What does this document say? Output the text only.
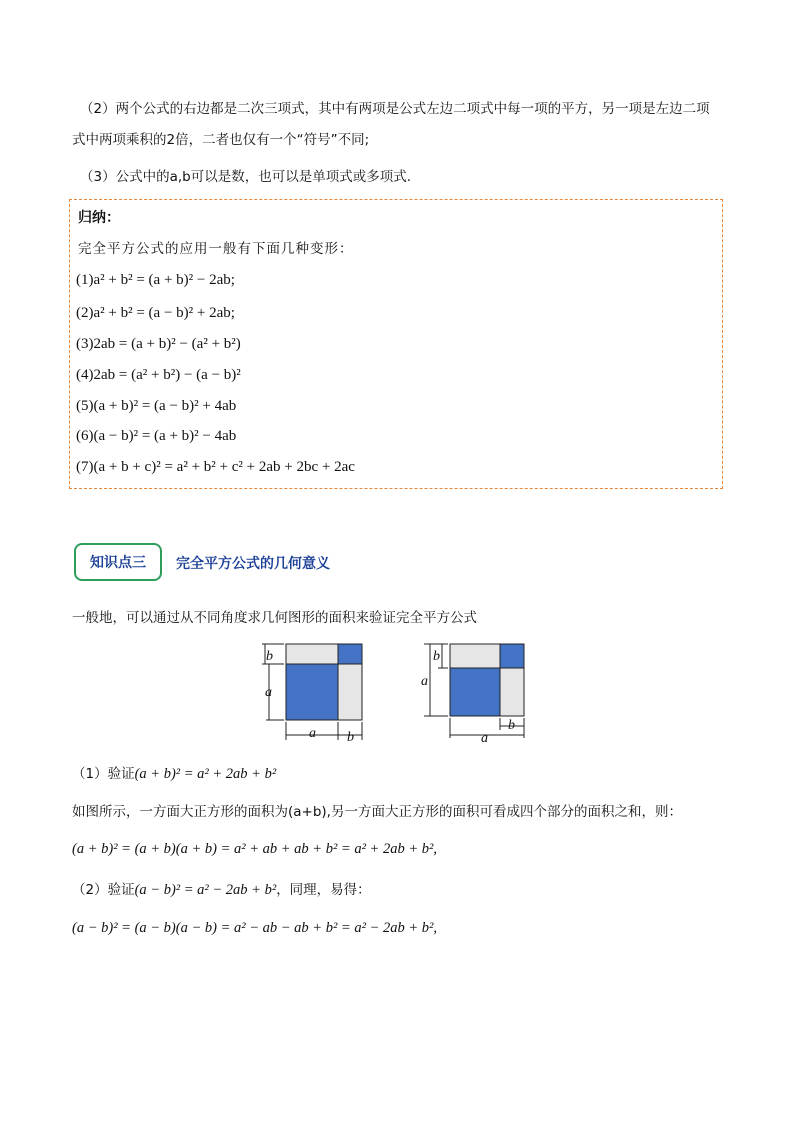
（2）两个公式的右边都是二次三项式，其中有两项是公式左边二项式中每一项的平方，另一项是左边二项
式中两项乘积的2倍，二者也仅有一个“符号”不同;
（3）公式中的a,b可以是数，也可以是单项式或多项式.
归纳：
完全平方公式的应用一般有下面几种变形：
(1)a² + b² = (a + b)² − 2ab;
(2)a² + b² = (a − b)² + 2ab;
(3)2ab = (a + b)² − (a² + b²)
(4)2ab = (a² + b²) − (a − b)²
(5)(a + b)² = (a − b)² + 4ab
(6)(a − b)² = (a + b)² − 4ab
(7)(a + b + c)² = a² + b² + c² + 2ab + 2bc + 2ac
知识点三 完全平方公式的几何意义
一般地，可以通过从不同角度求几何图形的面积来验证完全平方公式
b
a
a b
b
a
b
a
（1）验证(a + b)² = a² + 2ab + b²
如图所示，一方面大正方形的面积为(a+b),另一方面大正方形的面积可看成四个部分的面积之和，则：
(a + b)² = (a + b)(a + b) = a² + ab + ab + b² = a² + 2ab + b²,
（2）验证(a − b)² = a² − 2ab + b²，同理，易得：
(a − b)² = (a − b)(a − b) = a² − ab − ab + b² = a² − 2ab + b²,
